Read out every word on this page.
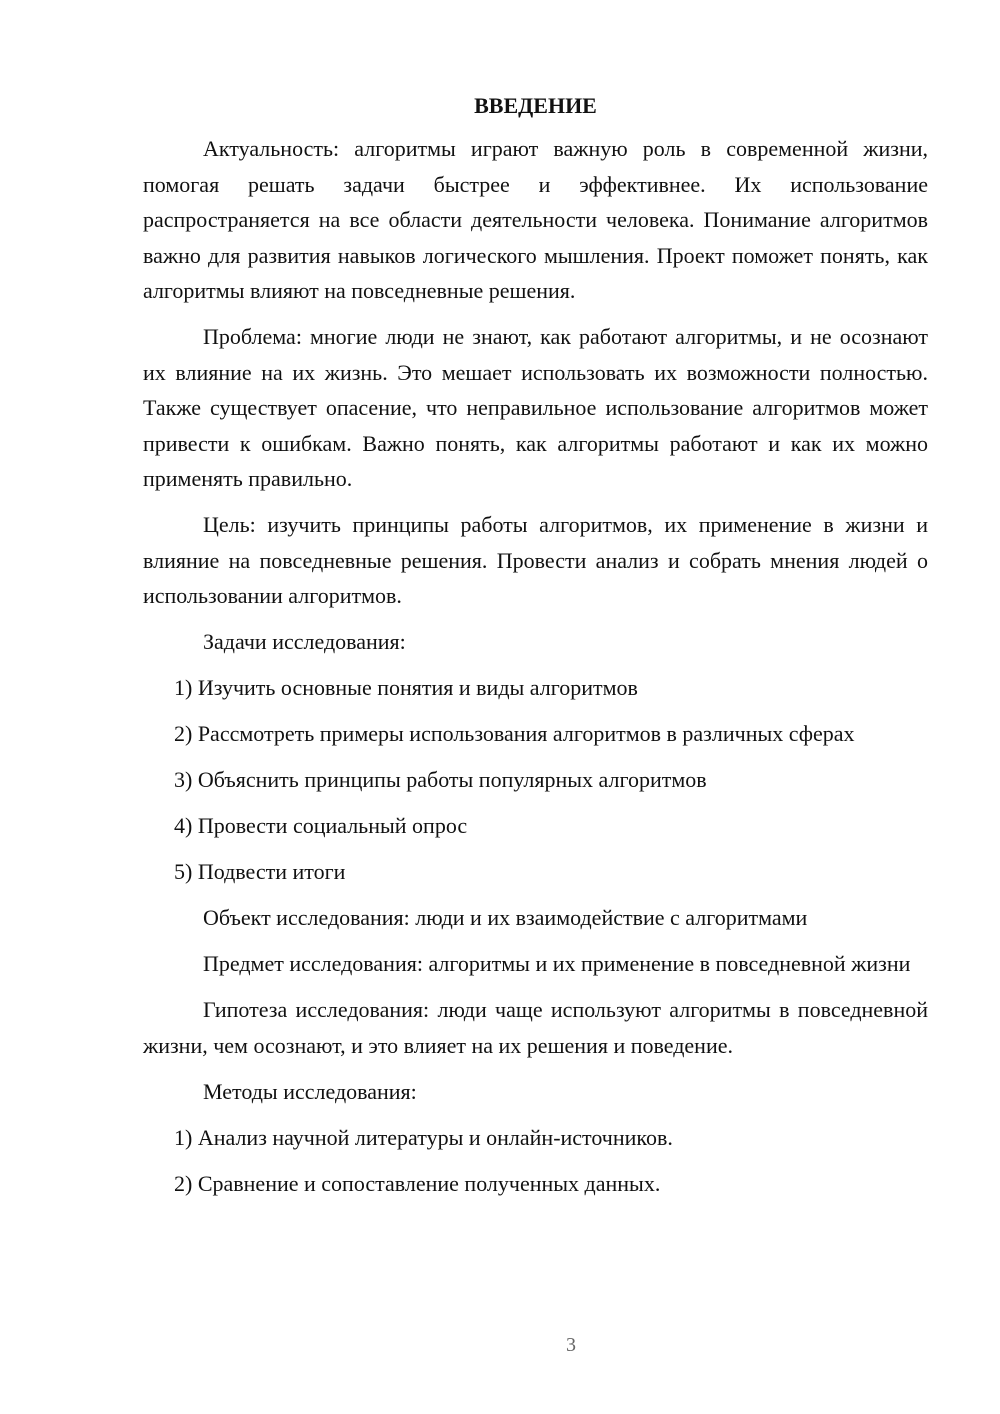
ВВЕДЕНИЕ

Актуальность: алгоритмы играют важную роль в современной жизни, помогая решать задачи быстрее и эффективнее. Их использование распространяется на все области деятельности человека. Понимание алгоритмов важно для развития навыков логического мышления. Проект поможет понять, как алгоритмы влияют на повседневные решения.

Проблема: многие люди не знают, как работают алгоритмы, и не осознают их влияние на их жизнь. Это мешает использовать их возможности полностью. Также существует опасение, что неправильное использование алгоритмов может привести к ошибкам. Важно понять, как алгоритмы работают и как их можно применять правильно.

Цель: изучить принципы работы алгоритмов, их применение в жизни и влияние на повседневные решения. Провести анализ и собрать мнения людей о использовании алгоритмов.

Задачи исследования:

1) Изучить основные понятия и виды алгоритмов

2) Рассмотреть примеры использования алгоритмов в различных сферах

3) Объяснить принципы работы популярных алгоритмов

4) Провести социальный опрос

5) Подвести итоги

Объект исследования: люди и их взаимодействие с алгоритмами

Предмет исследования: алгоритмы и их применение в повседневной жизни

Гипотеза исследования: люди чаще используют алгоритмы в повседневной жизни, чем осознают, и это влияет на их решения и поведение.

Методы исследования:

1) Анализ научной литературы и онлайн-источников.

2) Сравнение и сопоставление полученных данных.

3
